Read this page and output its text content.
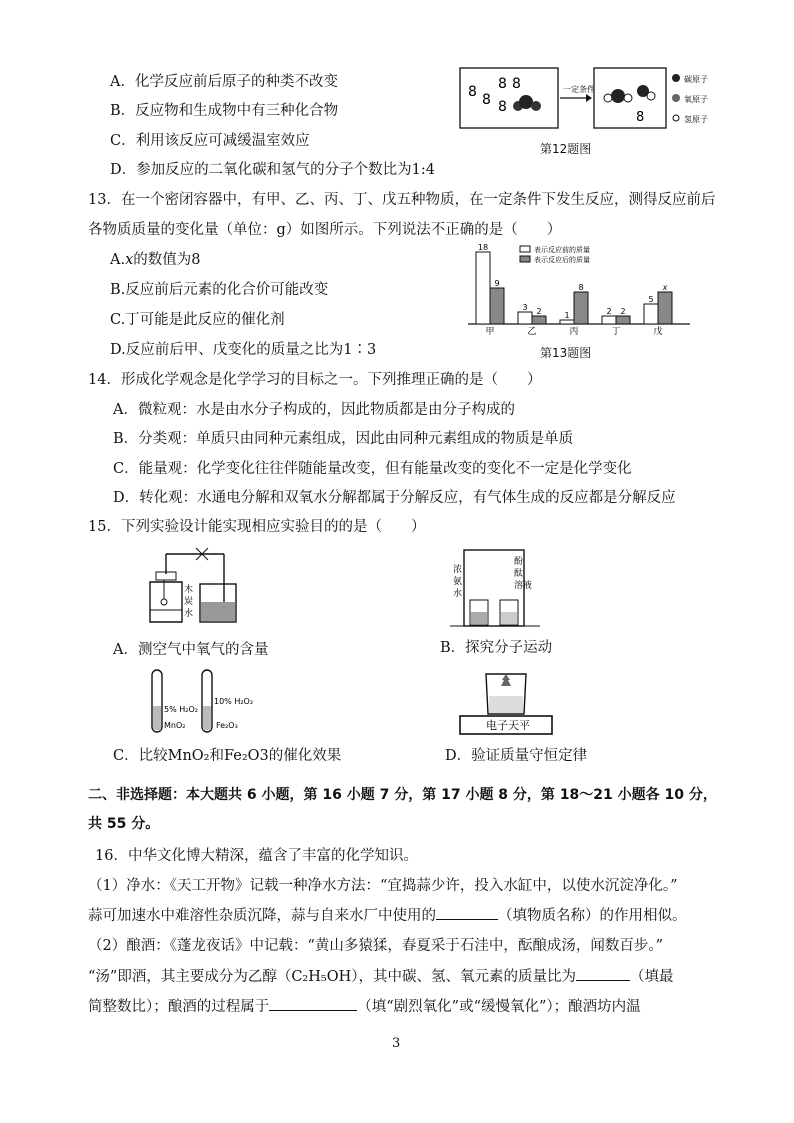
A．化学反应前后原子的种类不改变
B．反应物和生成物中有三种化合物
C．利用该反应可减缓温室效应
D．参加反应的二氧化碳和氢气的分子个数比为1:4
8 8
8 8
8
一定条件
8
碳原子
氧原子
氢原子
第12题图
13．在一个密闭容器中，有甲、乙、丙、丁、戊五种物质，在一定条件下发生反应，测得反应前后
各物质质量的变化量（单位：g）如图所示。下列说法不正确的是（　　）
A.x的数值为8
B.反应前后元素的化合价可能改变
C.丁可能是此反应的催化剂
D.反应前后甲、戊变化的质量之比为1∶3
18
9
甲
3 2
乙
1
8
丙
2 2
丁
5
x
戊
表示反应前的质量
表示反应后的质量
第13题图
14．形成化学观念是化学学习的目标之一。下列推理正确的是（　　）
A．微粒观：水是由水分子构成的，因此物质都是由分子构成的
B．分类观：单质只由同种元素组成，因此由同种元素组成的物质是单质
C．能量观：化学变化往往伴随能量改变，但有能量改变的变化不一定是化学变化
D．转化观：水通电分解和双氧水分解都属于分解反应，有气体生成的反应都是分解反应
15．下列实验设计能实现相应实验目的的是（　　）
木
炭
水
浓
氨
水
酚
酞
溶液
A．测空气中氧气的含量	B．探究分子运动
5% H₂O₂
MnO₂
10% H₂O₂
Fe₂O₃	电子天平
C．比较MnO₂和Fe₂O3的催化效果	D．验证质量守恒定律
二、非选择题：本大题共 6 小题，第 16 小题 7 分，第 17 小题 8 分，第 18～21 小题各 10 分，
共 55 分。
16．中华文化博大精深，蕴含了丰富的化学知识。
（1）净水：《天工开物》记载一种净水方法：“宜捣蒜少许，投入水缸中，以使水沉淀净化。”
蒜可加速水中难溶性杂质沉降，蒜与自来水厂中使用的	（填物质名称）的作用相似。
（2）酿酒：《蓬龙夜话》中记载：“黄山多猿猱，春夏采于石洼中，酝酿成汤，闻数百步。”
“汤”即酒，其主要成分为乙醇（C₂H₅OH），其中碳、氢、氧元素的质量比为	（填最
简整数比）；酿酒的过程属于	（填“剧烈氧化”或“缓慢氧化”）；酿酒坊内温
3
